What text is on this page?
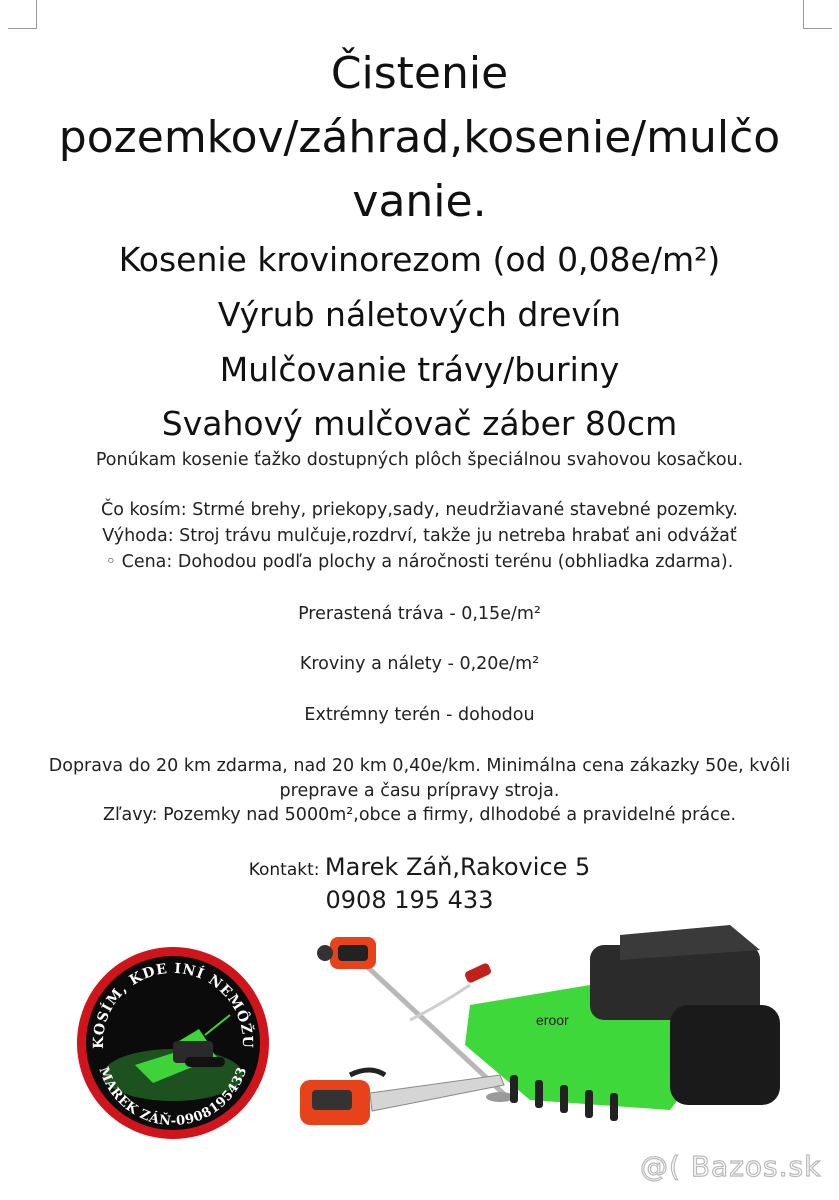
Čistenie
pozemkov/záhrad,kosenie/mulčo
vanie.
Kosenie krovinorezom (od 0,08e/m²)
Výrub náletových drevín
Mulčovanie trávy/buriny
Svahový mulčovač záber 80cm
Ponúkam kosenie ťažko dostupných plôch špeciálnou svahovou kosačkou.
Čo kosím: Strmé brehy, priekopy,sady, neudržiavané stavebné pozemky.
Výhoda: Stroj trávu mulčuje,rozdrví, takže ju netreba hrabať ani odvážať
◦ Cena: Dohodou podľa plochy a náročnosti terénu (obhliadka zdarma).
Prerastená tráva - 0,15e/m²
Kroviny a nálety - 0,20e/m²
Extrémny terén - dohodou
Doprava do 20 km zdarma, nad 20 km 0,40e/km. Minimálna cena zákazky 50e, kvôli
preprave a času prípravy stroja.
Zľavy: Pozemky nad 5000m²,obce a firmy, dlhodobé a pravidelné práce.
Kontakt: Marek Záň,Rakovice 5
0908 195 433
KOSÍM, KDE INÍ NEMÔŽU
MAREK ZÁŇ-0908195433
eroor
@( Bazos.sk
